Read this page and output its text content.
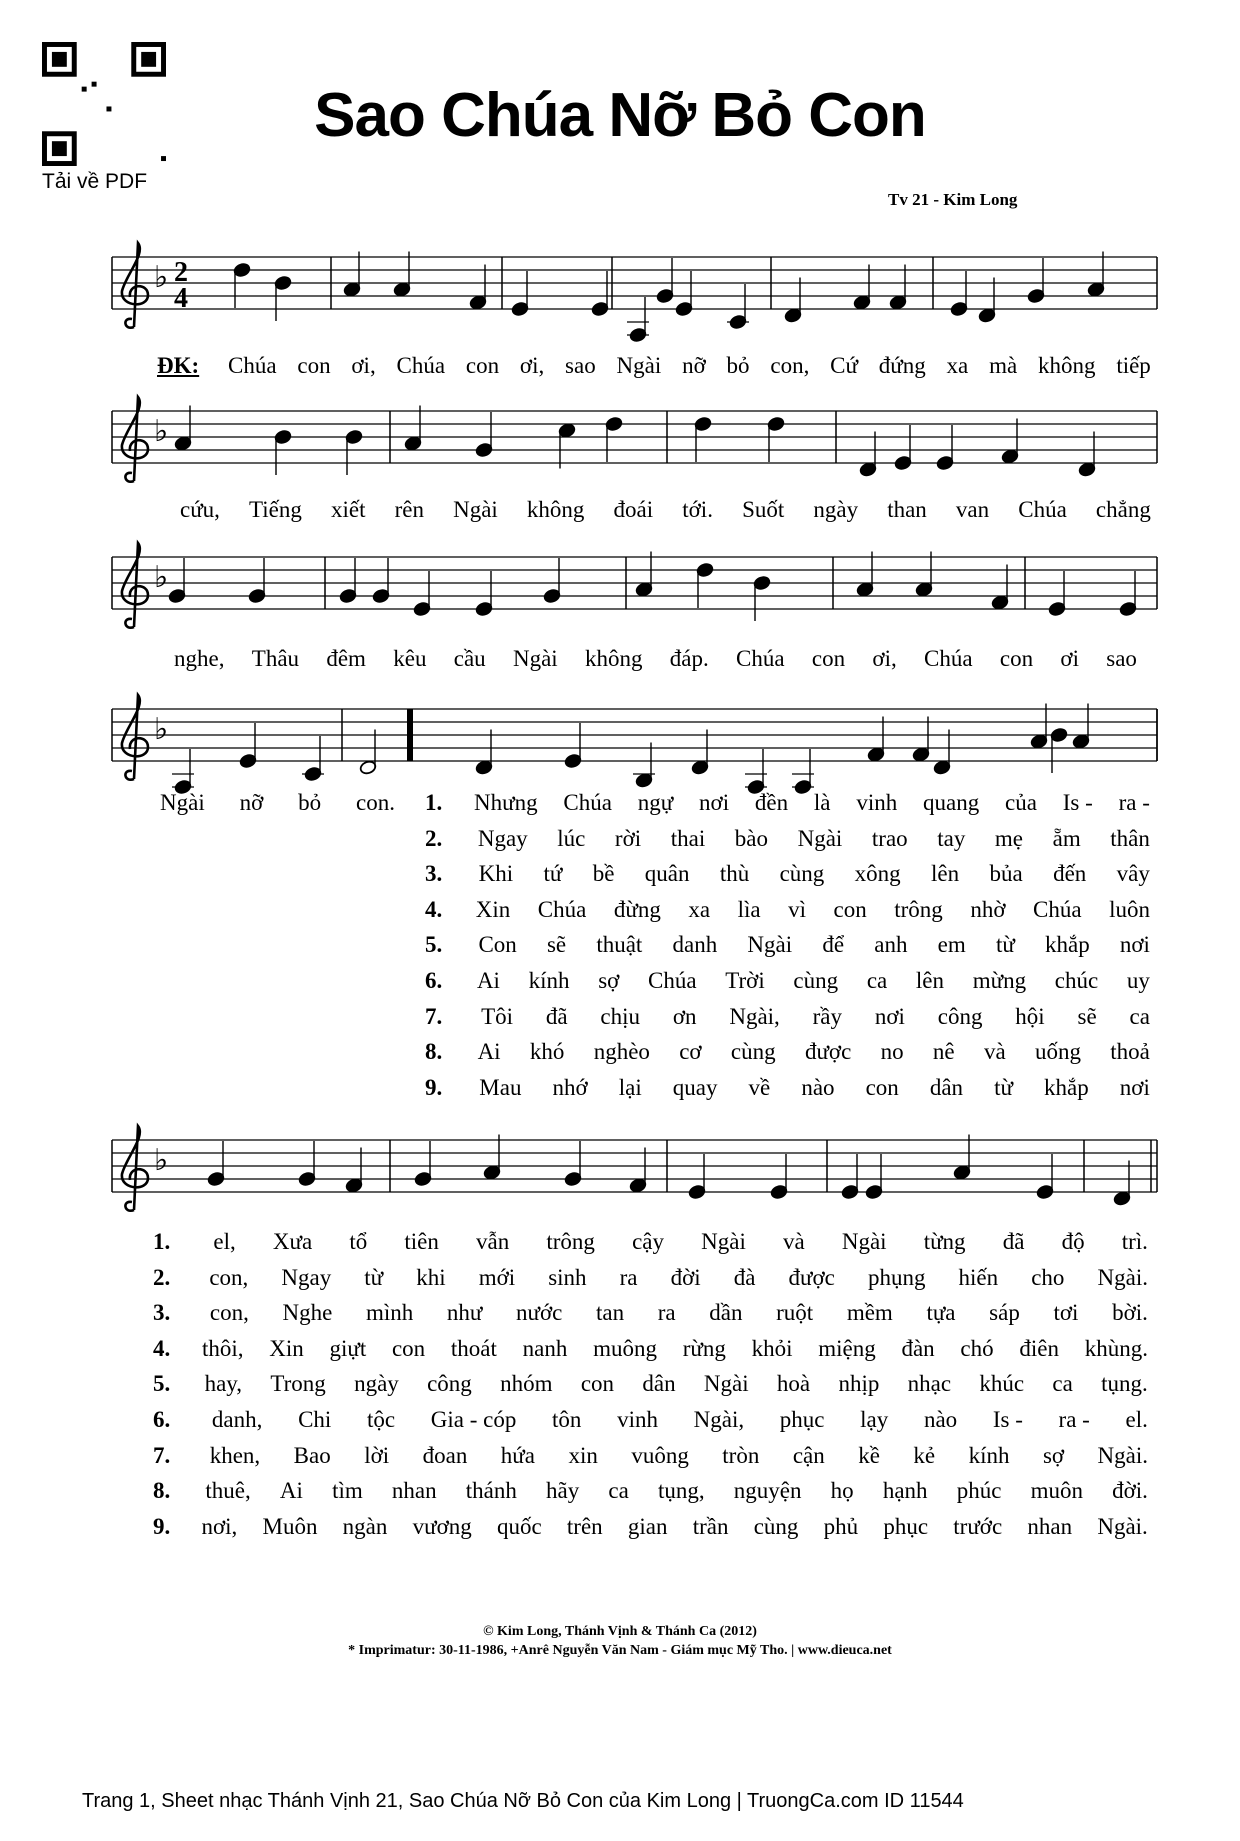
Tải về PDF
Sao Chúa Nỡ Bỏ Con
Tv 21 - Kim Long
♭ 2
4
♭
♭
♭
♭
ĐK: Chúa con ơi, Chúa con ơi, sao Ngài nỡ bỏ con, Cứ đứng xa mà không tiếp
cứu, Tiếng xiết rên Ngài không đoái tới. Suốt ngày than van Chúa chẳng
nghe, Thâu đêm kêu cầu Ngài không đáp. Chúa con ơi, Chúa con ơi sao
Ngài nỡ bỏ con. 1. Nhưng Chúa ngự nơi đền là vinh quang của Is - ra -
2. Ngay lúc rời thai bào Ngài trao tay mẹ ẵm thân
3. Khi tứ bề quân thù cùng xông lên bủa đến vây
4. Xin Chúa đừng xa lìa vì con trông nhờ Chúa luôn
5. Con sẽ thuật danh Ngài để anh em từ khắp nơi
6. Ai kính sợ Chúa Trời cùng ca lên mừng chúc uy
7. Tôi đã chịu ơn Ngài, rầy nơi công hội sẽ ca
8. Ai khó nghèo cơ cùng được no nê và uống thoả
9. Mau nhớ lại quay về nào con dân từ khắp nơi
1. el, Xưa tổ tiên vẫn trông cậy Ngài và Ngài từng đã độ trì.
2. con, Ngay từ khi mới sinh ra đời đà được phụng hiến cho Ngài.
3. con, Nghe mình như nước tan ra dần ruột mềm tựa sáp tơi bời.
4. thôi, Xin giựt con thoát nanh muông rừng khỏi miệng đàn chó điên khùng.
5. hay, Trong ngày công nhóm con dân Ngài hoà nhịp nhạc khúc ca tụng.
6. danh, Chi tộc Gia - cóp tôn vinh Ngài, phục lạy nào Is - ra - el.
7. khen, Bao lời đoan hứa xin vuông tròn cận kề kẻ kính sợ Ngài.
8. thuê, Ai tìm nhan thánh hãy ca tụng, nguyện họ hạnh phúc muôn đời.
9. nơi, Muôn ngàn vương quốc trên gian trần cùng phủ phục trước nhan Ngài.
© Kim Long, Thánh Vịnh & Thánh Ca (2012)
* Imprimatur: 30-11-1986, +Anrê Nguyễn Văn Nam - Giám mục Mỹ Tho. | www.dieuca.net
Trang 1, Sheet nhạc Thánh Vịnh 21, Sao Chúa Nỡ Bỏ Con của Kim Long | TruongCa.com ID 11544
